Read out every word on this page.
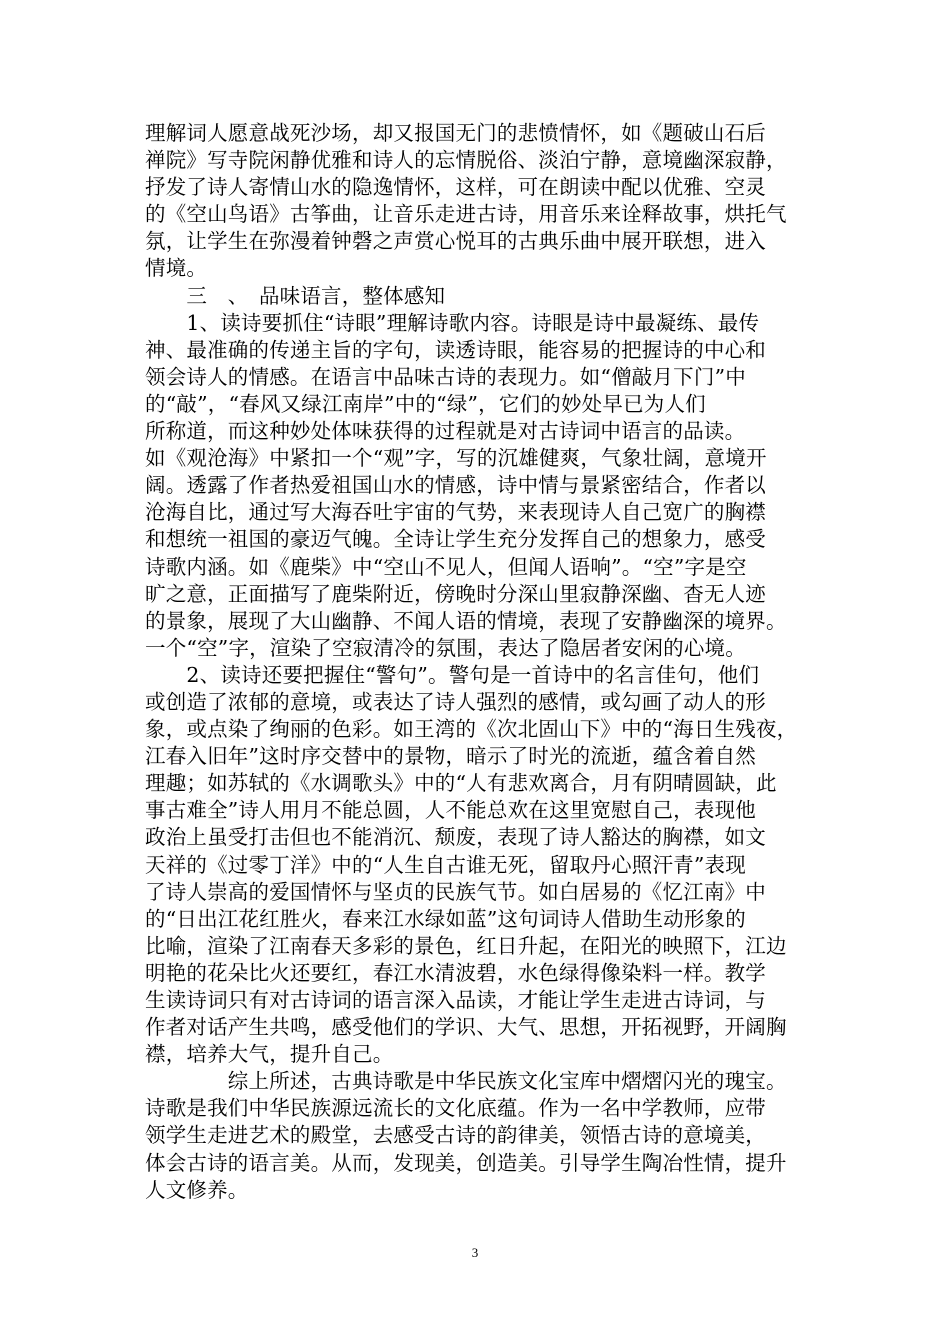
理解词人愿意战死沙场，却又报国无门的悲愤情怀，如《题破山石后
禅院》写寺院闲静优雅和诗人的忘情脱俗、淡泊宁静，意境幽深寂静，
抒发了诗人寄情山水的隐逸情怀，这样，可在朗读中配以优雅、空灵
的《空山鸟语》古筝曲，让音乐走进古诗，用音乐来诠释故事，烘托气
氛，让学生在弥漫着钟磬之声赏心悦耳的古典乐曲中展开联想，进入
情境。
　　三　、　品味语言，整体感知
　　1、读诗要抓住“诗眼”理解诗歌内容。诗眼是诗中最凝练、最传
神、最准确的传递主旨的字句，读透诗眼，能容易的把握诗的中心和
领会诗人的情感。在语言中品味古诗的表现力。如“僧敲月下门”中
的“敲”，“春风又绿江南岸”中的“绿”，它们的妙处早已为人们
所称道，而这种妙处体味获得的过程就是对古诗词中语言的品读。
如《观沧海》中紧扣一个“观”字，写的沉雄健爽，气象壮阔，意境开
阔。透露了作者热爱祖国山水的情感，诗中情与景紧密结合，作者以
沧海自比，通过写大海吞吐宇宙的气势，来表现诗人自己宽广的胸襟
和想统一祖国的豪迈气魄。全诗让学生充分发挥自己的想象力，感受
诗歌内涵。如《鹿柴》中“空山不见人，但闻人语响”。“空”字是空
旷之意，正面描写了鹿柴附近，傍晚时分深山里寂静深幽、杳无人迹
的景象，展现了大山幽静、不闻人语的情境，表现了安静幽深的境界。
一个“空”字，渲染了空寂清冷的氛围，表达了隐居者安闲的心境。
　　2、读诗还要把握住“警句”。警句是一首诗中的名言佳句，他们
或创造了浓郁的意境，或表达了诗人强烈的感情，或勾画了动人的形
象，或点染了绚丽的色彩。如王湾的《次北固山下》中的“海日生残夜，
江春入旧年”这时序交替中的景物，暗示了时光的流逝，蕴含着自然
理趣；如苏轼的《水调歌头》中的“人有悲欢离合，月有阴晴圆缺，此
事古难全”诗人用月不能总圆，人不能总欢在这里宽慰自己，表现他
政治上虽受打击但也不能消沉、颓废，表现了诗人豁达的胸襟，如文
天祥的《过零丁洋》中的“人生自古谁无死，留取丹心照汗青”表现
了诗人崇高的爱国情怀与坚贞的民族气节。如白居易的《忆江南》中
的“日出江花红胜火，春来江水绿如蓝”这句词诗人借助生动形象的
比喻，渲染了江南春天多彩的景色，红日升起，在阳光的映照下，江边
明艳的花朵比火还要红，春江水清波碧，水色绿得像染料一样。教学
生读诗词只有对古诗词的语言深入品读，才能让学生走进古诗词，与
作者对话产生共鸣，感受他们的学识、大气、思想，开拓视野，开阔胸
襟，培养大气，提升自己。
　　　　综上所述，古典诗歌是中华民族文化宝库中熠熠闪光的瑰宝。
诗歌是我们中华民族源远流长的文化底蕴。作为一名中学教师，应带
领学生走进艺术的殿堂，去感受古诗的韵律美，领悟古诗的意境美，
体会古诗的语言美。从而，发现美，创造美。引导学生陶冶性情，提升
人文修养。
3
